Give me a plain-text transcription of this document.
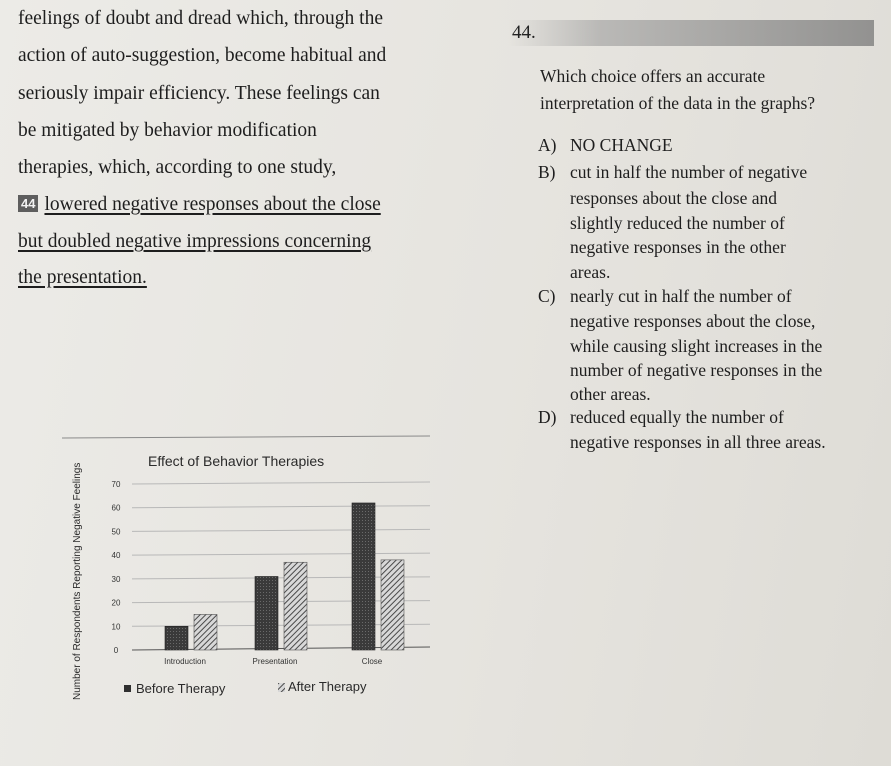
feelings of doubt and dread which, through the
action of auto-suggestion, become habitual and
seriously impair efficiency. These feelings can
be mitigated by behavior modification
therapies, which, according to one study,
44 lowered negative responses about the close
but doubled negative impressions concerning
the presentation.
44.
Which choice offers an accurate
interpretation of the data in the graphs?
A) NO CHANGE
B) cut in half the number of negative
responses about the close and
slightly reduced the number of
negative responses in the other
areas.
C) nearly cut in half the number of
negative responses about the close,
while causing slight increases in the
number of negative responses in the
other areas.
D) reduced equally the number of
negative responses in all three areas.
Effect of Behavior Therapies
0
10
20
30
40
50
60
70
Introduction	Presentation	Close
Number of Respondents Reporting Negative Feelings	Before Therapy	After Therapy
